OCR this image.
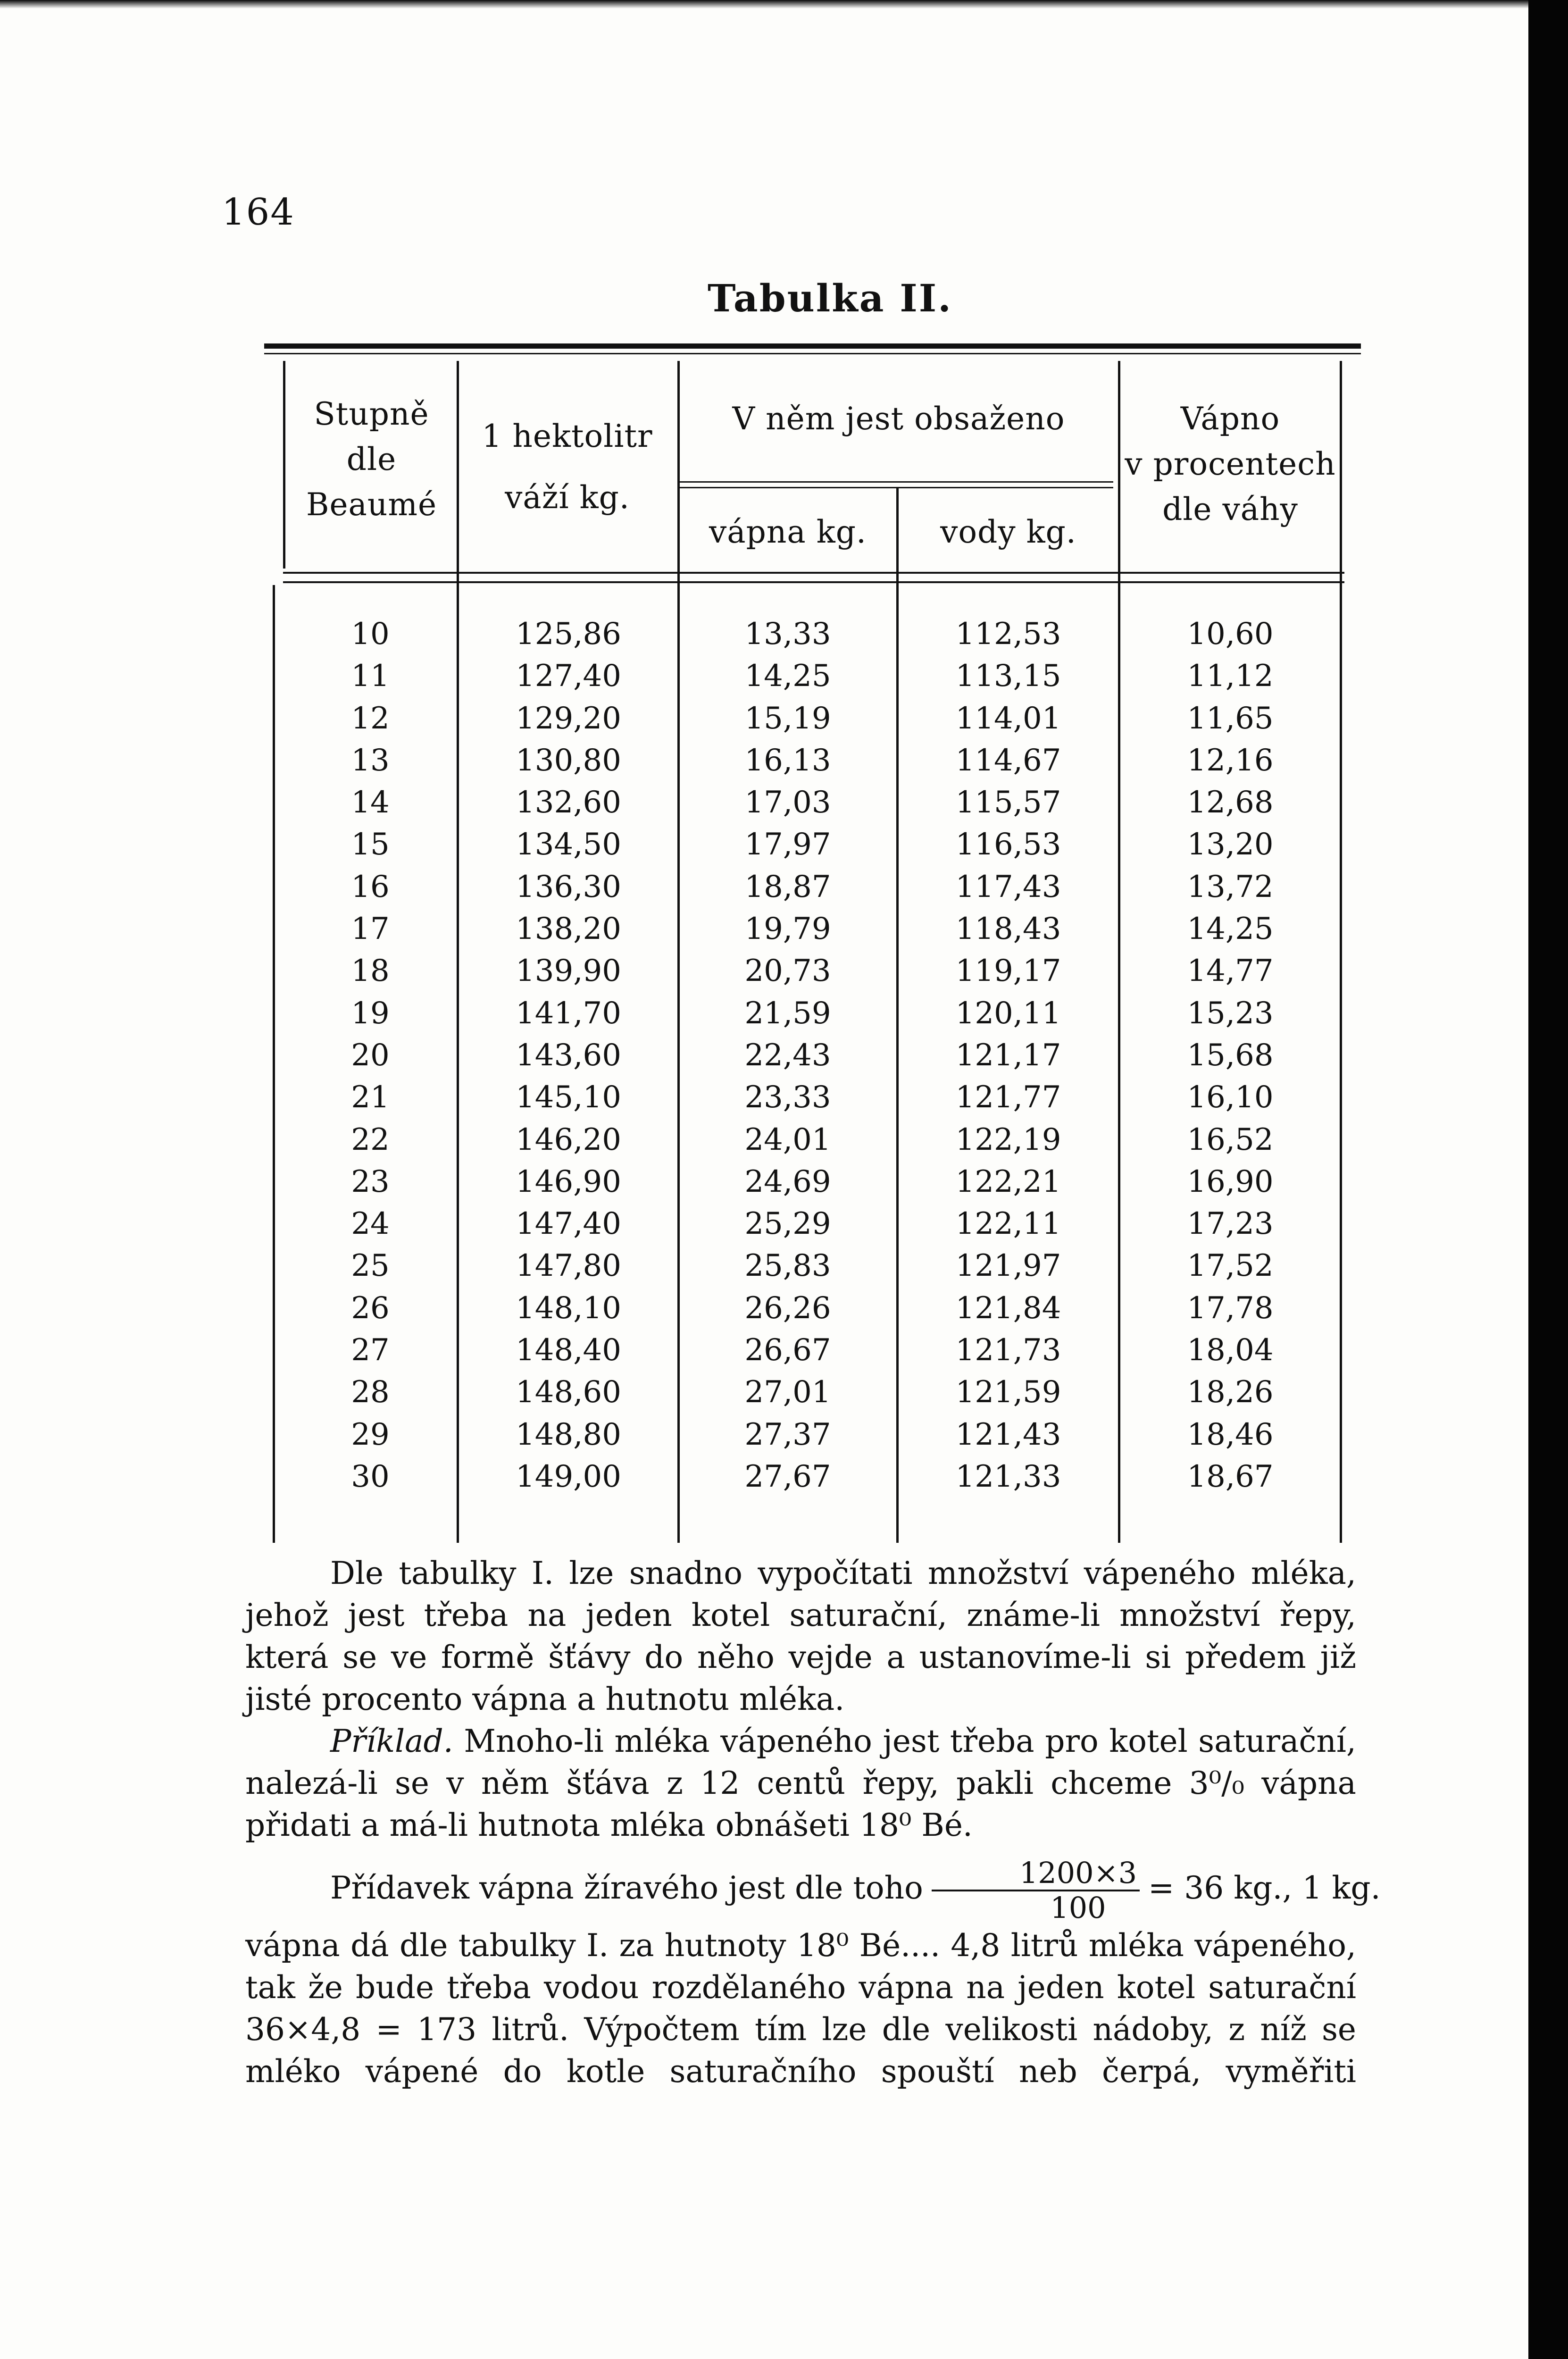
164
Tabulka II.
Stupně
dle
Beaumé
1 hektolitr
váží kg.
V něm jest obsaženo
vápna kg.	vody kg.
Vápno
v procentech
dle váhy
10
11
12
13
14
15
16
17
18
19
20
21
22
23
24
25
26
27
28
29
30
125,86
127,40
129,20
130,80
132,60
134,50
136,30
138,20
139,90
141,70
143,60
145,10
146,20
146,90
147,40
147,80
148,10
148,40
148,60
148,80
149,00
13,33
14,25
15,19
16,13
17,03
17,97
18,87
19,79
20,73
21,59
22,43
23,33
24,01
24,69
25,29
25,83
26,26
26,67
27,01
27,37
27,67
112,53
113,15
114,01
114,67
115,57
116,53
117,43
118,43
119,17
120,11
121,17
121,77
122,19
122,21
122,11
121,97
121,84
121,73
121,59
121,43
121,33
10,60
11,12
11,65
12,16
12,68
13,20
13,72
14,25
14,77
15,23
15,68
16,10
16,52
16,90
17,23
17,52
17,78
18,04
18,26
18,46
18,67

Dle tabulky I. lze snadno vypočítati množství vápeného mléka, jehož jest třeba na jeden kotel saturační, známe-li množství řepy, která se ve formě šťávy do něho vejde a ustanovíme-li si předem již jisté procento vápna a hutnotu mléka.

Příklad. Mnoho-li mléka vápeného jest třeba pro kotel saturační, nalezá-li se v něm šťáva z 12 centů řepy, pakli chceme 3⁰/₀ vápna přidati a má-li hutnota mléka obnášeti 18⁰ Bé.

Přídavek vápna žíravého jest dle toho $\frac{1200\times 3}{100} = 36$ kg., 1 kg.

vápna dá dle tabulky I. za hutnoty 18⁰ Bé.... 4,8 litrů mléka vápeného, tak že bude třeba vodou rozdělaného vápna na jeden kotel saturační 36×4,8 = 173 litrů. Výpočtem tím lze dle velikosti nádoby, z níž se mléko vápené do kotle saturačního spouští neb čerpá, vyměřiti
